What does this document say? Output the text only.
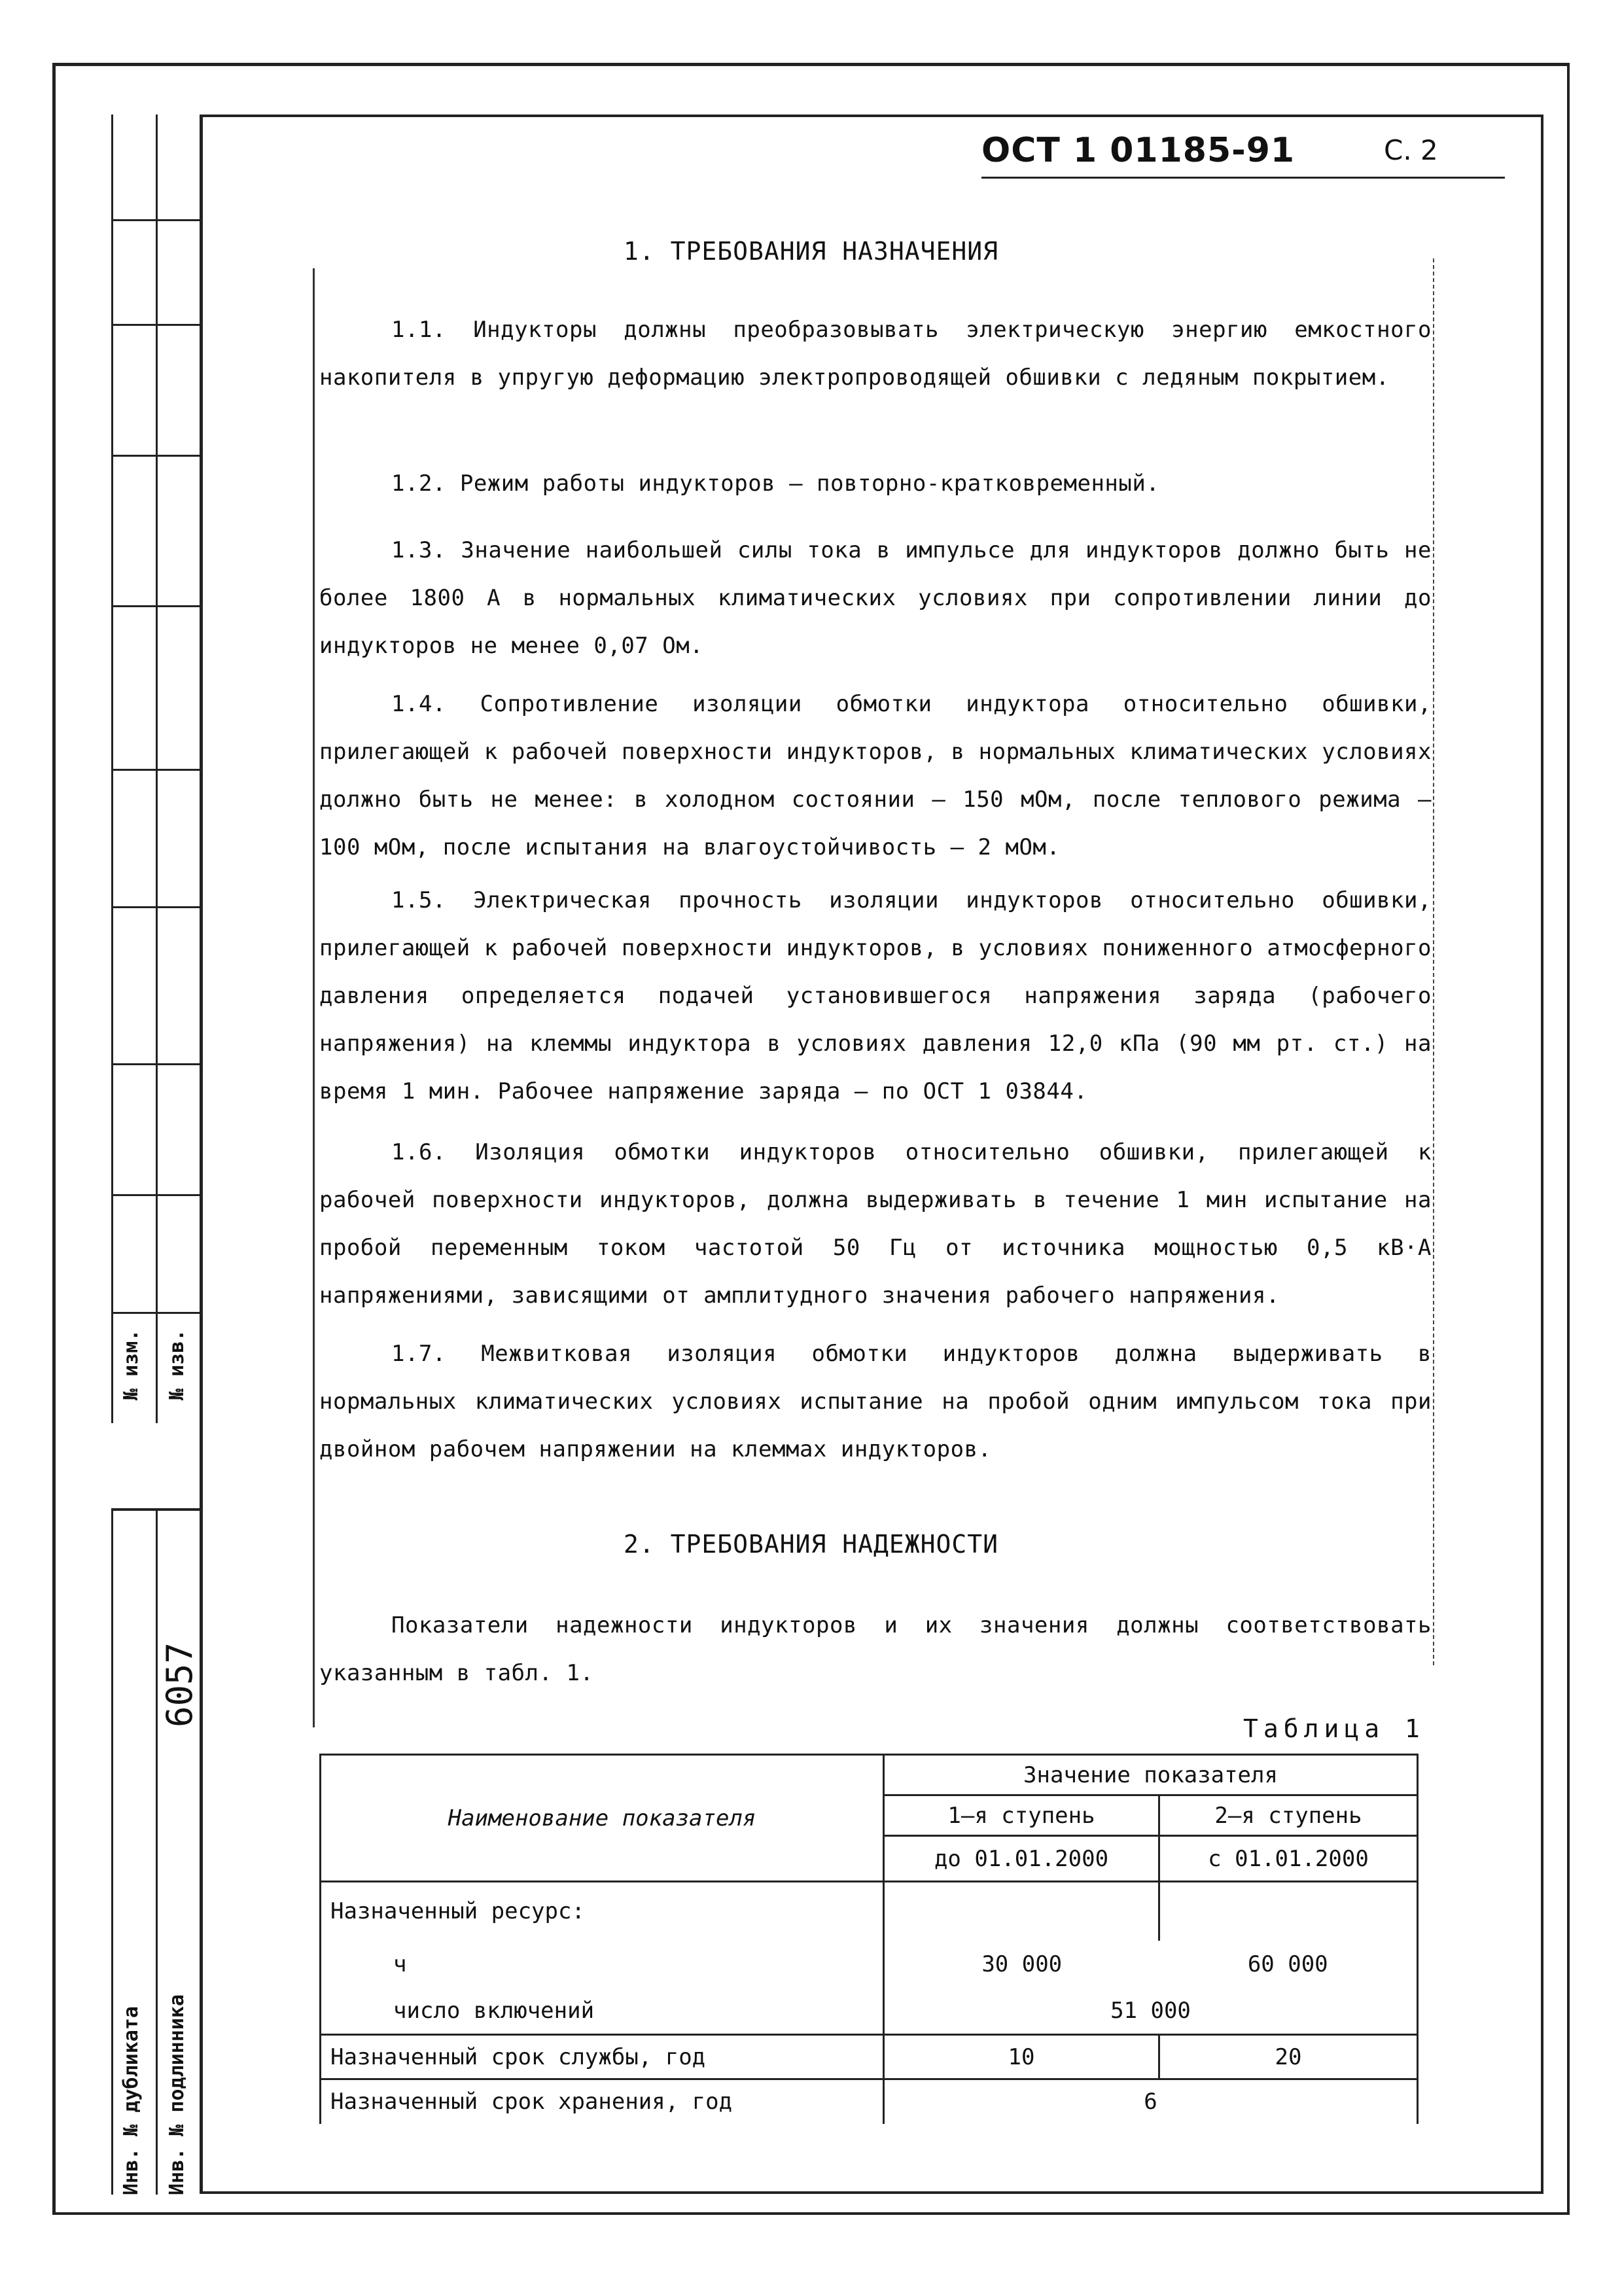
№ изм. № изв.
6057
Инв. № дубликата Инв. № подлинника
ОСТ 1 01185-91	С. 2
1. ТРЕБОВАНИЯ НАЗНАЧЕНИЯ
1.1. Индукторы должны преобразовывать электрическую энергию емкостного накопителя в упругую деформацию электропроводящей обшивки с ледяным покрытием.
1.2. Режим работы индукторов – повторно-кратковременный.
1.3. Значение наибольшей силы тока в импульсе для индукторов должно быть не более 1800 А в нормальных климатических условиях при сопротивлении линии до индукторов не менее 0,07 Ом.
1.4. Сопротивление изоляции обмотки индуктора относительно обшивки, прилегающей к рабочей поверхности индукторов, в нормальных климатических условиях должно быть не менее: в холодном состоянии – 150 мОм, после теплового режима – 100 мОм, после испытания на влагоустойчивость – 2 мОм.
1.5. Электрическая прочность изоляции индукторов относительно обшивки, прилегающей к рабочей поверхности индукторов, в условиях пониженного атмосферного давления определяется подачей установившегося напряжения заряда (рабочего напряжения) на клеммы индуктора в условиях давления 12,0 кПа (90 мм рт. ст.) на время 1 мин. Рабочее напряжение заряда – по ОСТ 1 03844.
1.6. Изоляция обмотки индукторов относительно обшивки, прилегающей к рабочей поверхности индукторов, должна выдерживать в течение 1 мин испытание на пробой переменным током частотой 50 Гц от источника мощностью 0,5 кВ·А напряжениями, зависящими от амплитудного значения рабочего напряжения.
1.7. Межвитковая изоляция обмотки индукторов должна выдерживать в нормальных климатических условиях испытание на пробой одним импульсом тока при двойном рабочем напряжении на клеммах индукторов.
2. ТРЕБОВАНИЯ НАДЕЖНОСТИ
Показатели надежности индукторов и их значения должны соответствовать указанным в табл. 1.
Таблица 1
Наименование показателя	Значение показателя	
	1–я ступень	2–я ступень
	до 01.01.2000	с 01.01.2000
Назначенный ресурс:		
ч	30 000	60 000
число включений	51 000	
Назначенный срок службы, год	10	20
Назначенный срок хранения, год	6	
